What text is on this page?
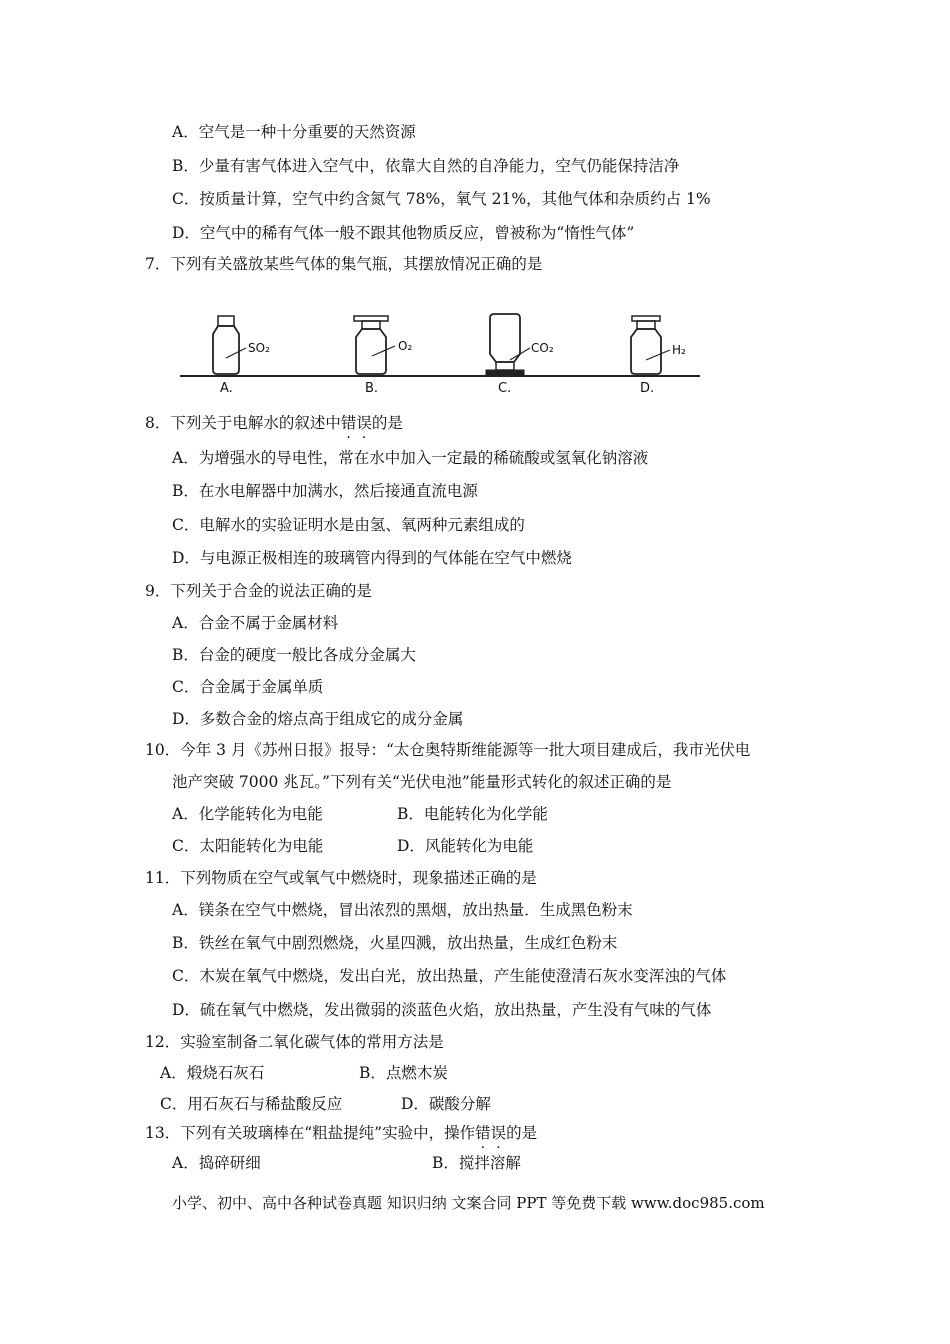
A．空气是一种十分重要的天然资源
B．少量有害气体进入空气中，依靠大自然的自净能力，空气仍能保持洁净
C．按质量计算，空气中约含氮气 78%，氧气 21%，其他气体和杂质约占 1%
D．空气中的稀有气体一般不跟其他物质反应，曾被称为“惰性气体”
7．下列有关盛放某些气体的集气瓶，其摆放情况正确的是
SO₂
A.
O₂
B.
CO₂
C.
H₂
D.
8．下列关于电解水的叙述中错误的是
A．为增强水的导电性，常在水中加入一定最的稀硫酸或氢氧化钠溶液
B．在水电解器中加满水，然后接通直流电源
C．电解水的实验证明水是由氢、氧两种元素组成的
D．与电源正极相连的玻璃管内得到的气体能在空气中燃烧
9．下列关于合金的说法正确的是
A．合金不属于金属材料
B．台金的硬度一般比各成分金属大
C．合金属于金属单质
D．多数合金的熔点高于组成它的成分金属
10．今年 3 月《苏州日报》报导：“太仓奥特斯维能源等一批大项目建成后，我市光伏电
池产突破 7000 兆瓦。”下列有关“光伏电池”能量形式转化的叙述正确的是
A．化学能转化为电能	B．电能转化为化学能
C．太阳能转化为电能	D．风能转化为电能
11．下列物质在空气或氧气中燃烧时，现象描述正确的是
A．镁条在空气中燃烧，冒出浓烈的黑烟，放出热量．生成黑色粉末
B．铁丝在氧气中剧烈燃烧，火星四溅，放出热量，生成红色粉末
C．木炭在氧气中燃烧，发出白光，放出热量，产生能使澄清石灰水变浑浊的气体
D．硫在氧气中燃烧，发出微弱的淡蓝色火焰，放出热量，产生没有气味的气体
12．实验室制备二氧化碳气体的常用方法是
A．煅烧石灰石	B．点燃木炭
C．用石灰石与稀盐酸反应	D．碳酸分解
13．下列有关玻璃棒在“粗盐提纯”实验中，操作错误的是
A．捣碎研细	B．搅拌溶解
小学、初中、高中各种试卷真题 知识归纳 文案合同 PPT 等免费下载 www.doc985.com
